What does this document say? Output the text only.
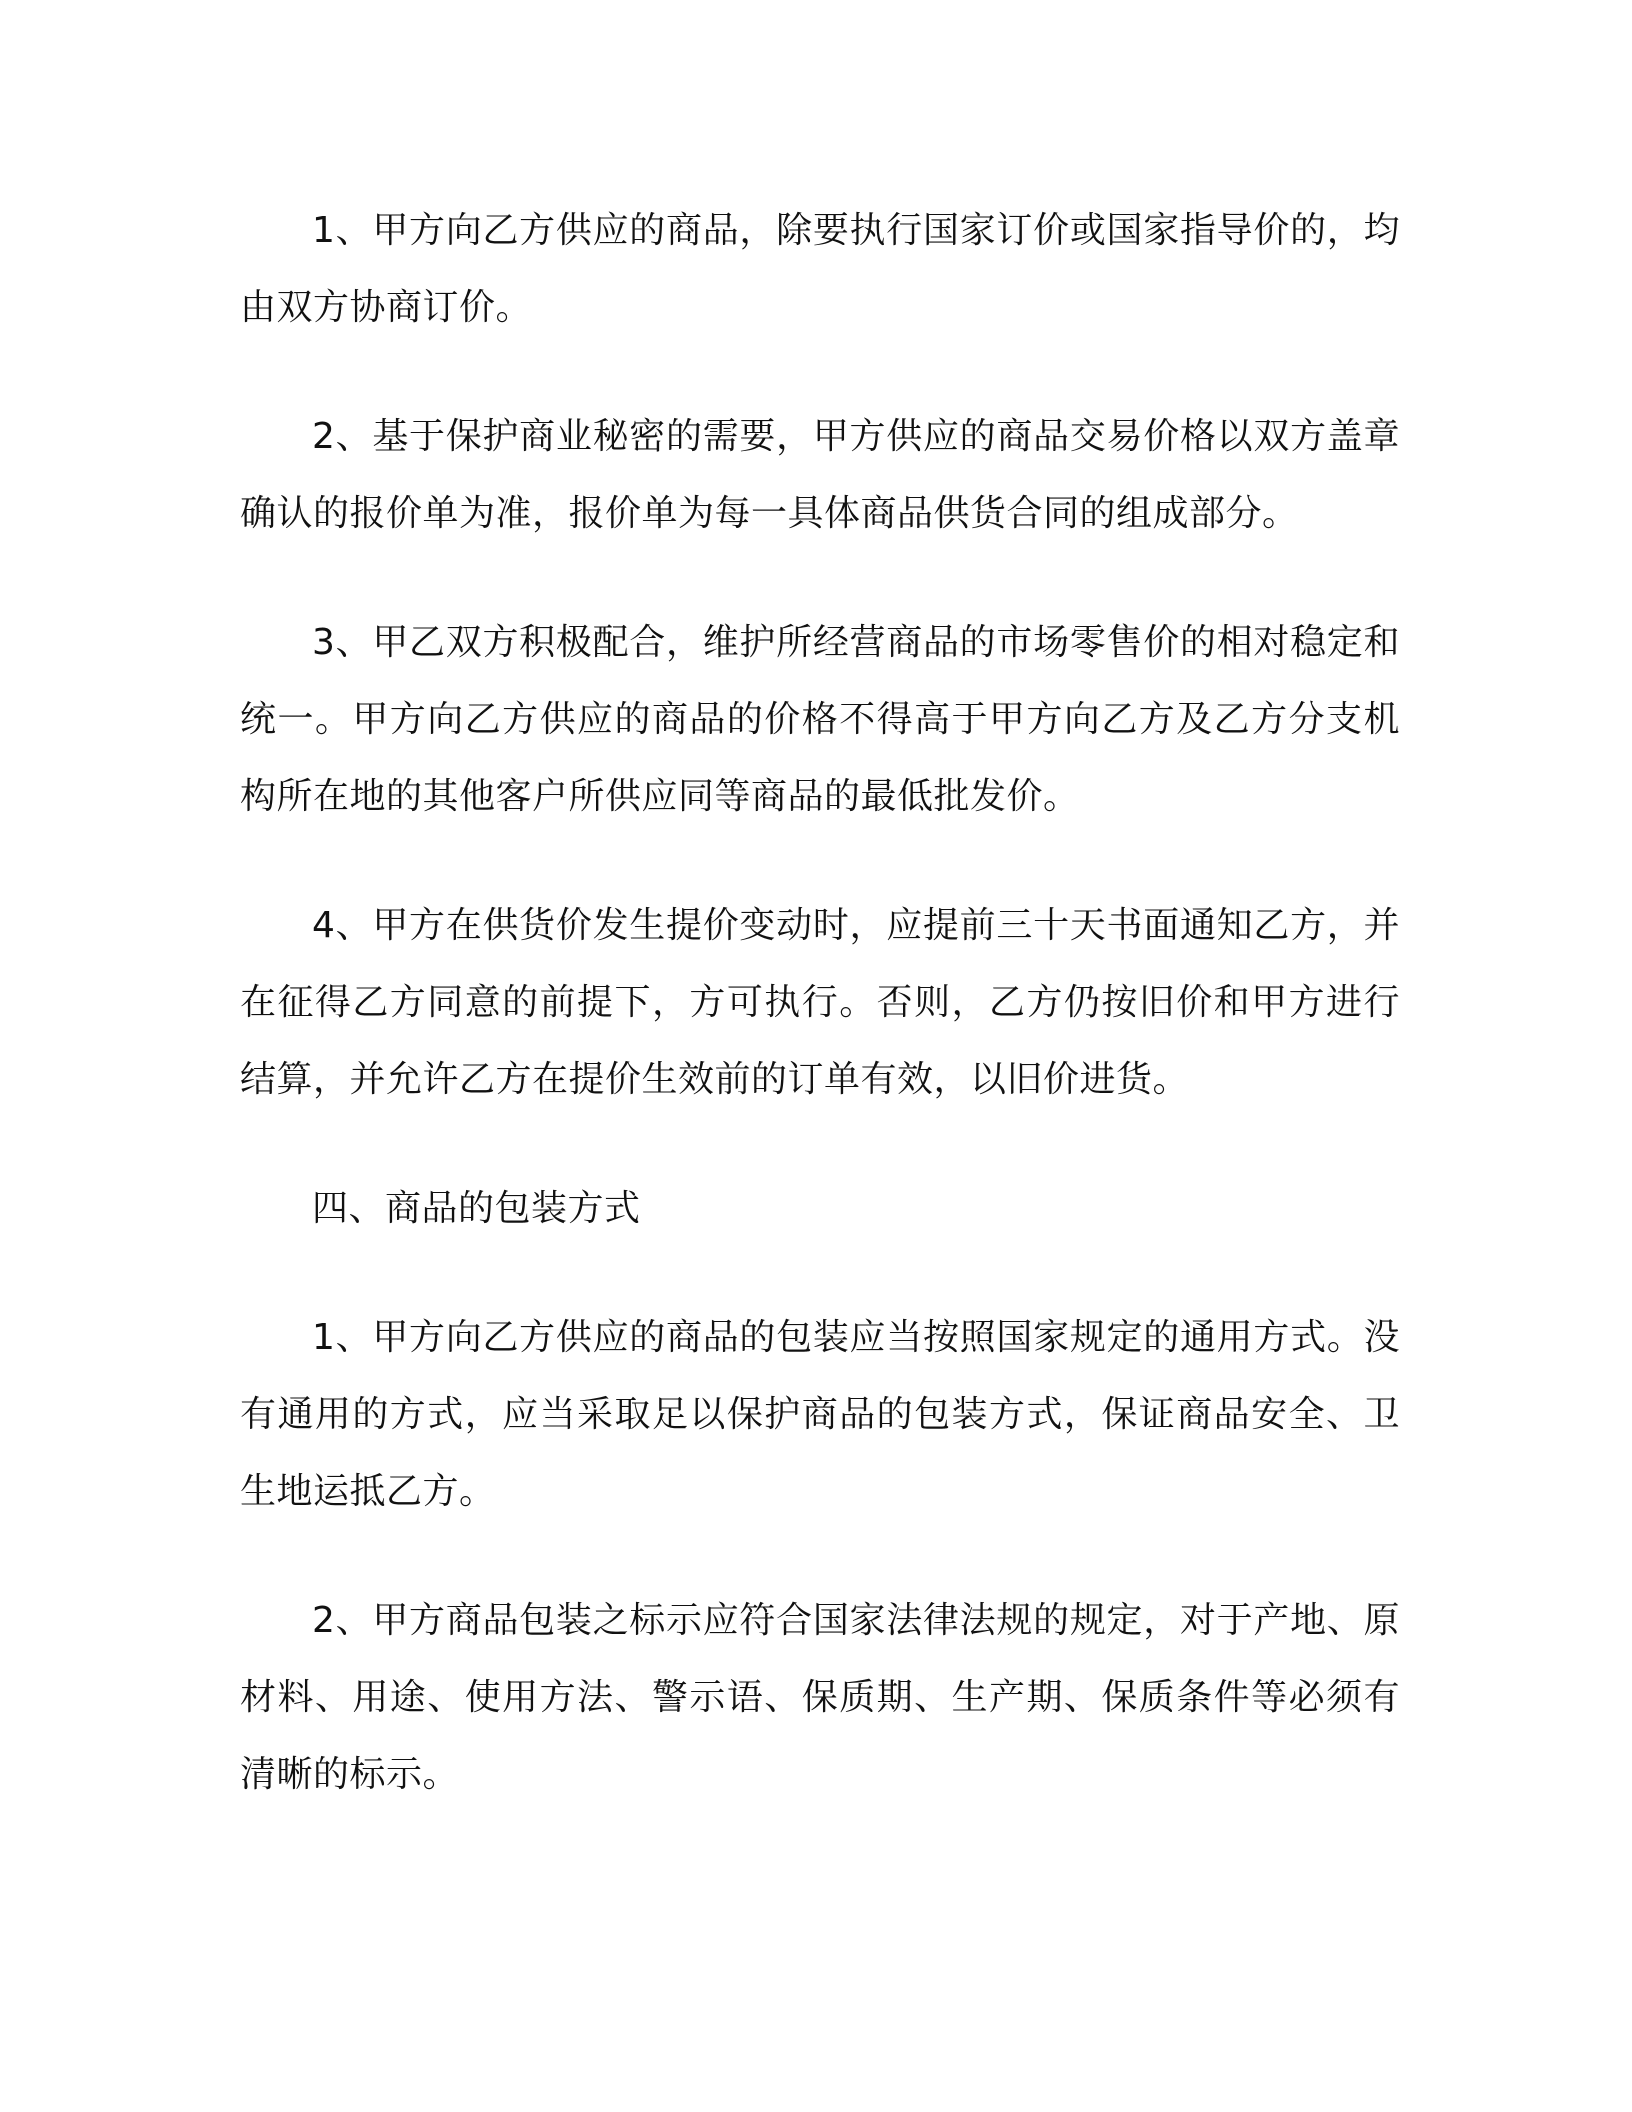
1、甲方向乙方供应的商品，除要执行国家订价或国家指导价的，均由双方协商订价。

2、基于保护商业秘密的需要，甲方供应的商品交易价格以双方盖章确认的报价单为准，报价单为每一具体商品供货合同的组成部分。

3、甲乙双方积极配合，维护所经营商品的市场零售价的相对稳定和统一。甲方向乙方供应的商品的价格不得高于甲方向乙方及乙方分支机构所在地的其他客户所供应同等商品的最低批发价。

4、甲方在供货价发生提价变动时，应提前三十天书面通知乙方，并在征得乙方同意的前提下，方可执行。否则，乙方仍按旧价和甲方进行结算，并允许乙方在提价生效前的订单有效，以旧价进货。

四、商品的包装方式

1、甲方向乙方供应的商品的包装应当按照国家规定的通用方式。没有通用的方式，应当采取足以保护商品的包装方式，保证商品安全、卫生地运抵乙方。

2、甲方商品包装之标示应符合国家法律法规的规定，对于产地、原材料、用途、使用方法、警示语、保质期、生产期、保质条件等必须有清晰的标示。
